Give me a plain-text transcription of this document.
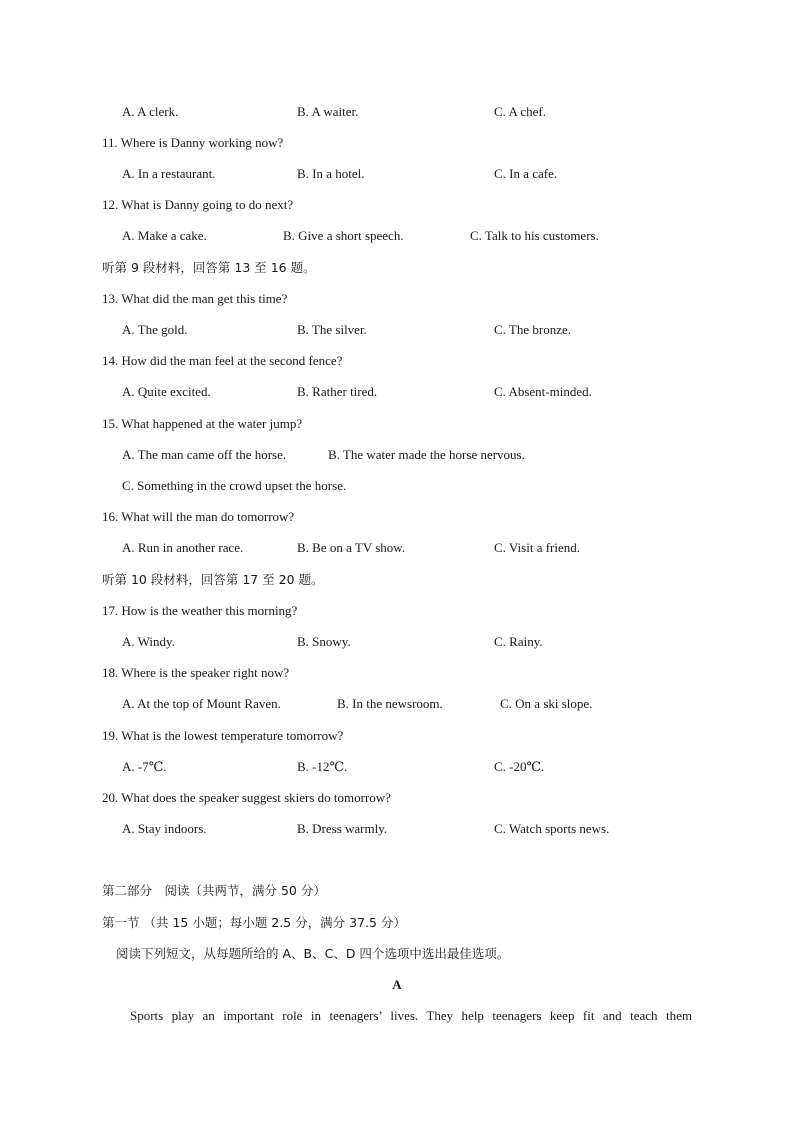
A. A clerk.	B. A waiter.	C. A chef.
11. Where is Danny working now?
A. In a restaurant.	B. In a hotel.	C. In a cafe.
12. What is Danny going to do next?
A. Make a cake.	B. Give a short speech.	C. Talk to his customers.
听第 9 段材料，回答第 13 至 16 题。
13. What did the man get this time?
A. The gold.	B. The silver.	C. The bronze.
14. How did the man feel at the second fence?
A. Quite excited.	B. Rather tired.	C. Absent-minded.
15. What happened at the water jump?
A. The man came off the horse.	B. The water made the horse nervous.
C. Something in the crowd upset the horse.
16. What will the man do tomorrow?
A. Run in another race.	B. Be on a TV show.	C. Visit a friend.
听第 10 段材料，回答第 17 至 20 题。
17. How is the weather this morning?
A. Windy.	B. Snowy.	C. Rainy.
18. Where is the speaker right now?
A. At the top of Mount Raven.	B. In the newsroom.	C. On a ski slope.
19. What is the lowest temperature tomorrow?
A. -7℃.	B. -12℃.	C. -20℃.
20. What does the speaker suggest skiers do tomorrow?
A. Stay indoors.	B. Dress warmly.	C. Watch sports news.
第二部分　阅读（共两节，满分 50 分）
第一节 （共 15 小题；每小题 2.5 分，满分 37.5 分）
阅读下列短文，从每题所给的 A、B、C、D 四个选项中选出最佳选项。
A
Sports play an important role in teenagers’ lives. They help teenagers keep fit and teach them
